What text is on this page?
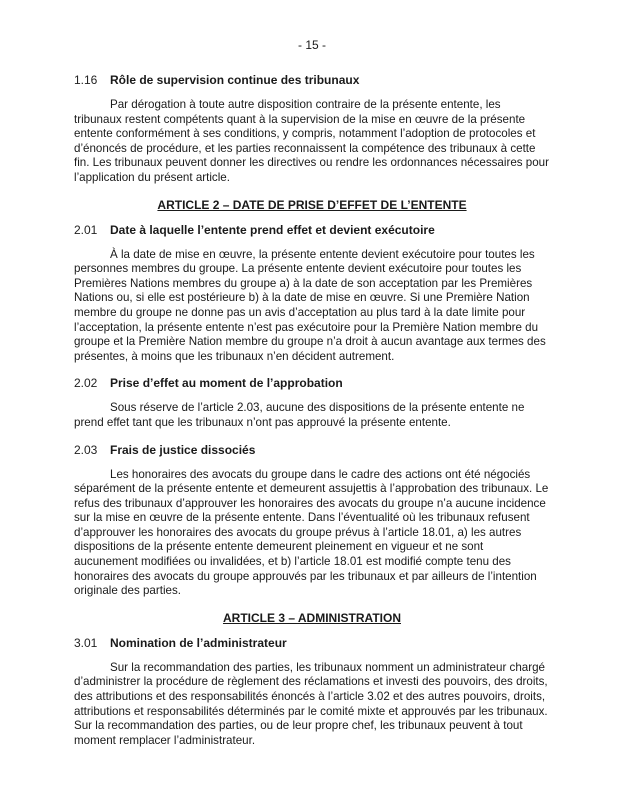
- 15 -
1.16	Rôle de supervision continue des tribunaux

Par dérogation à toute autre disposition contraire de la présente entente, les tribunaux restent compétents quant à la supervision de la mise en œuvre de la présente entente conformément à ses conditions, y compris, notamment l’adoption de protocoles et d’énoncés de procédure, et les parties reconnaissent la compétence des tribunaux à cette fin. Les tribunaux peuvent donner les directives ou rendre les ordonnances nécessaires pour l’application du présent article.

ARTICLE 2 – DATE DE PRISE D’EFFET DE L’ENTENTE
2.01	Date à laquelle l’entente prend effet et devient exécutoire

À la date de mise en œuvre, la présente entente devient exécutoire pour toutes les personnes membres du groupe. La présente entente devient exécutoire pour toutes les Premières Nations membres du groupe a) à la date de son acceptation par les Premières Nations ou, si elle est postérieure b) à la date de mise en œuvre. Si une Première Nation membre du groupe ne donne pas un avis d’acceptation au plus tard à la date limite pour l’acceptation, la présente entente n’est pas exécutoire pour la Première Nation membre du groupe et la Première Nation membre du groupe n’a droit à aucun avantage aux termes des présentes, à moins que les tribunaux n’en décident autrement.

2.02	Prise d’effet au moment de l’approbation

Sous réserve de l’article 2.03, aucune des dispositions de la présente entente ne prend effet tant que les tribunaux n’ont pas approuvé la présente entente.

2.03	Frais de justice dissociés

Les honoraires des avocats du groupe dans le cadre des actions ont été négociés séparément de la présente entente et demeurent assujettis à l’approbation des tribunaux. Le refus des tribunaux d’approuver les honoraires des avocats du groupe n’a aucune incidence sur la mise en œuvre de la présente entente. Dans l’éventualité où les tribunaux refusent d’approuver les honoraires des avocats du groupe prévus à l’article 18.01, a) les autres dispositions de la présente entente demeurent pleinement en vigueur et ne sont aucunement modifiées ou invalidées, et b) l’article 18.01 est modifié compte tenu des honoraires des avocats du groupe approuvés par les tribunaux et par ailleurs de l’intention originale des parties.

ARTICLE 3 – ADMINISTRATION
3.01	Nomination de l’administrateur

Sur la recommandation des parties, les tribunaux nomment un administrateur chargé d’administrer la procédure de règlement des réclamations et investi des pouvoirs, des droits, des attributions et des responsabilités énoncés à l’article 3.02 et des autres pouvoirs, droits, attributions et responsabilités déterminés par le comité mixte et approuvés par les tribunaux. Sur la recommandation des parties, ou de leur propre chef, les tribunaux peuvent à tout moment remplacer l’administrateur.
